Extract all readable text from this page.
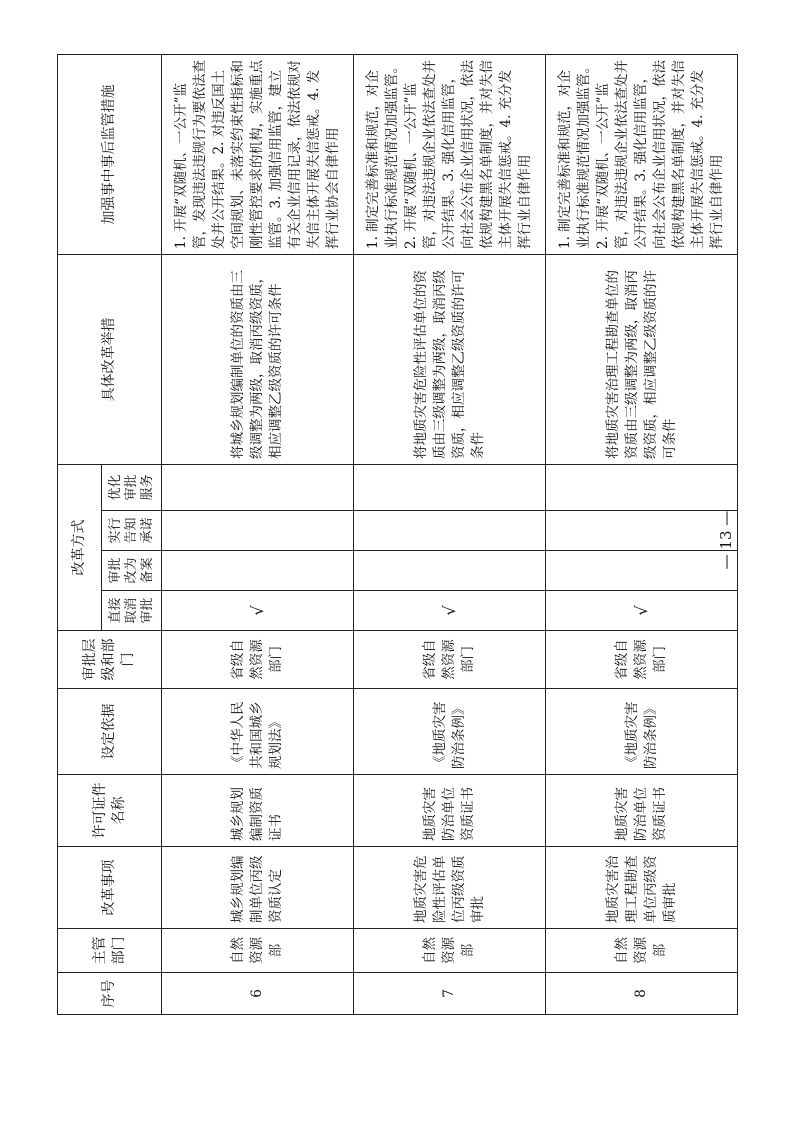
序号	主管部门	改革事项	许可证件名称	设定依据	审批层级和部门	改革方式				具体改革举措	加强事中事后监管措施
						直接取消审批	审批改为备案	实行告知承诺	优化审批服务		
6	自然资源部	城乡规划编制单位丙级资质认定	城乡规划编制资质证书	《中华人民共和国城乡规划法》	省级自然资源部门	√				将城乡规划编制单位的资质由三级调整为两级，取消丙级资质，相应调整乙级资质的许可条件	1. 开展“双随机、一公开”监管，发现违法违规行为要依法查处并公开结果。2. 对违反国土空间规划、未落实约束性指标和刚性管控要求的机构，实施重点监管。3. 加强信用监管，建立有关企业信用记录，依法依规对失信主体开展失信惩戒。4. 发挥行业协会自律作用
7	自然资源部	地质灾害危险性评估单位丙级资质审批	地质灾害防治单位资质证书	《地质灾害防治条例》	省级自然资源部门	√				将地质灾害危险性评估单位的资质由三级调整为两级，取消丙级资质，相应调整乙级资质的许可条件	1. 制定完善标准和规范，对企业执行标准规范情况加强监管。2. 开展“双随机、一公开”监管，对违法违规企业依法查处并公开结果。3. 强化信用监管，向社会公布企业信用状况，依法依规构建黑名单制度，并对失信主体开展失信惩戒。4. 充分发挥行业自律作用
8	自然资源部	地质灾害治理工程勘查单位丙级资质审批	地质灾害防治单位资质证书	《地质灾害防治条例》	省级自然资源部门	√				将地质灾害治理工程勘查单位的资质由三级调整为两级，取消丙级资质，相应调整乙级资质的许可条件	1. 制定完善标准和规范，对企业执行标准规范情况加强监管。2. 开展“双随机、一公开”监管，对违法违规企业依法查处并公开结果。3. 强化信用监管，向社会公布企业信用状况，依法依规构建黑名单制度，并对失信主体开展失信惩戒。4. 充分发挥行业自律作用
— 13 —
